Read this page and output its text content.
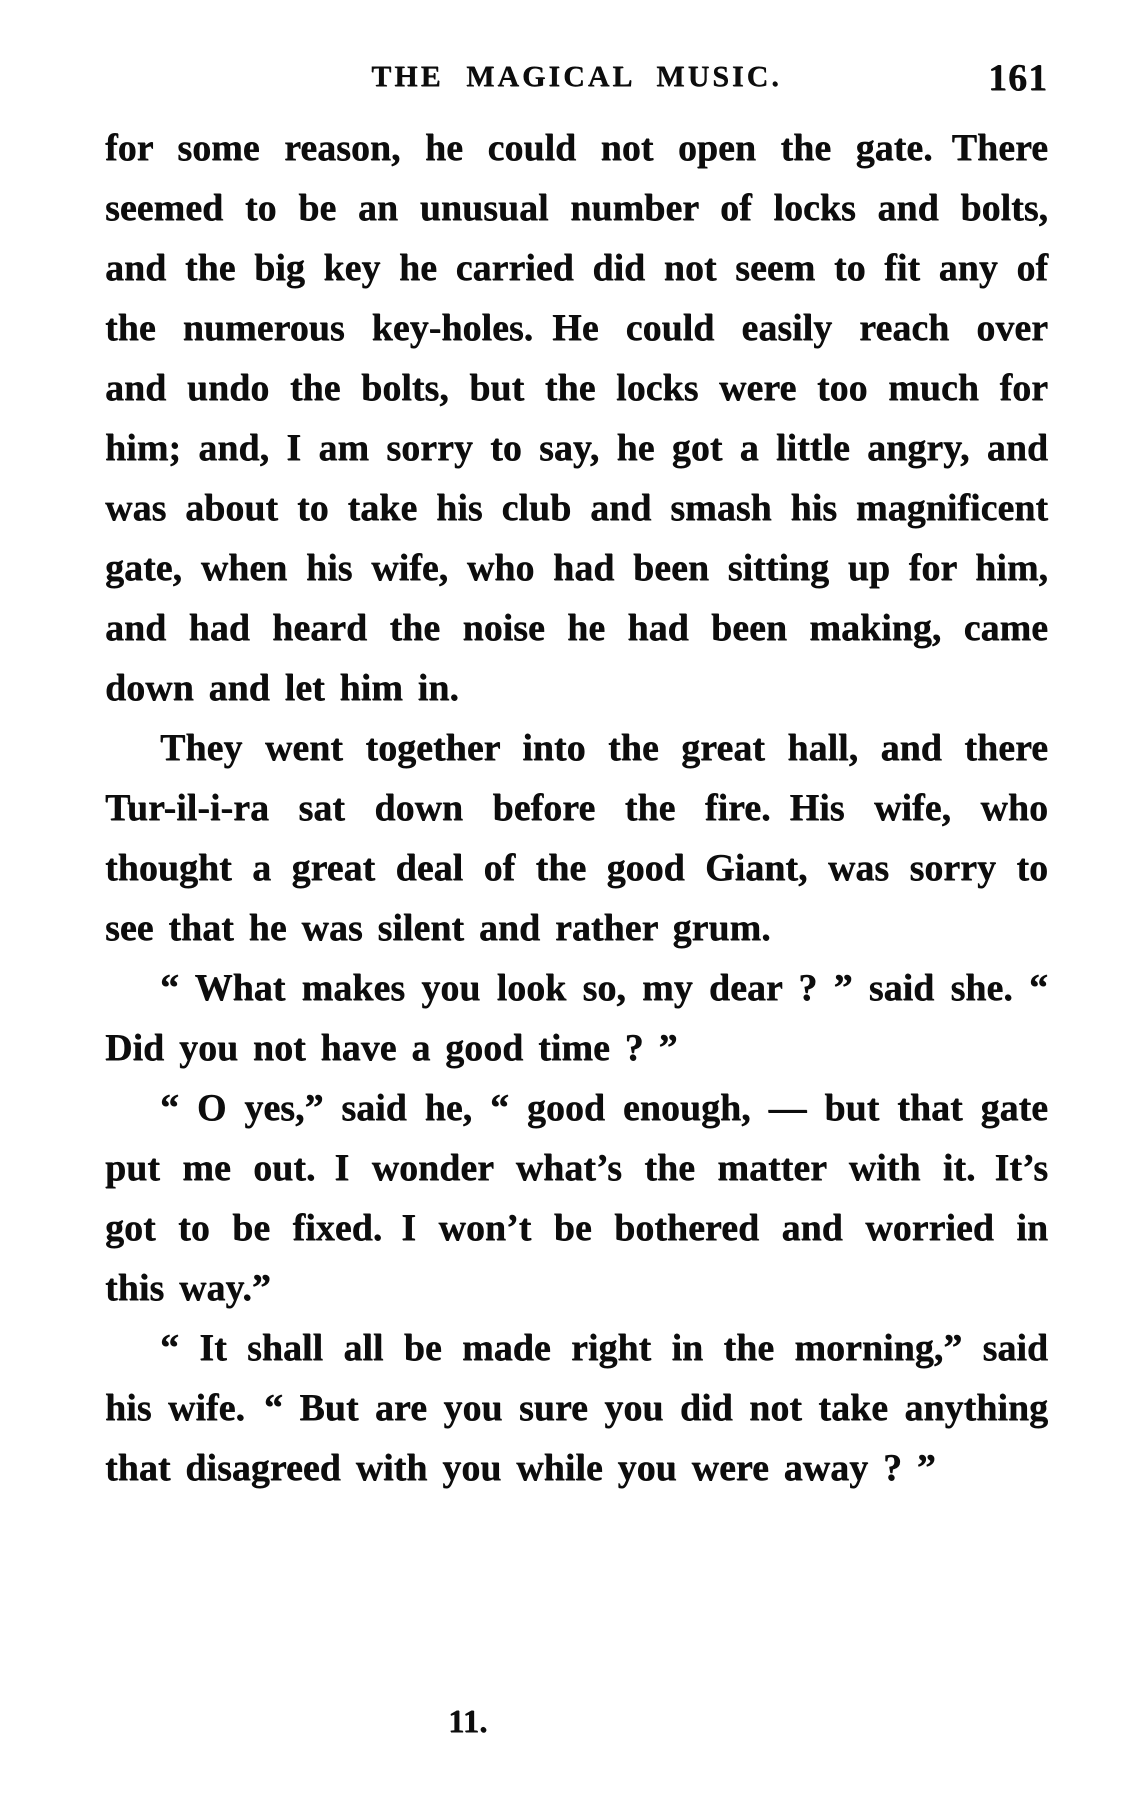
THE MAGICAL MUSIC.	161

for some reason, he could not open the gate. There seemed to be an unusual number of locks and bolts, and the big key he carried did not seem to fit any of the numerous key-holes. He could easily reach over and undo the bolts, but the locks were too much for him; and, I am sorry to say, he got a little angry, and was about to take his club and smash his magnificent gate, when his wife, who had been sitting up for him, and had heard the noise he had been making, came down and let him in.

They went together into the great hall, and there Tur-il-i-ra sat down before the fire. His wife, who thought a great deal of the good Giant, was sorry to see that he was silent and rather grum.

“ What makes you look so, my dear ? ” said she. “ Did you not have a good time ? ”

“ O yes,” said he, “ good enough, — but that gate put me out. I wonder what’s the matter with it. It’s got to be fixed. I won’t be bothered and worried in this way.”

“ It shall all be made right in the morning,” said his wife. “ But are you sure you did not take anything that disagreed with you while you were away ? ”

11.
